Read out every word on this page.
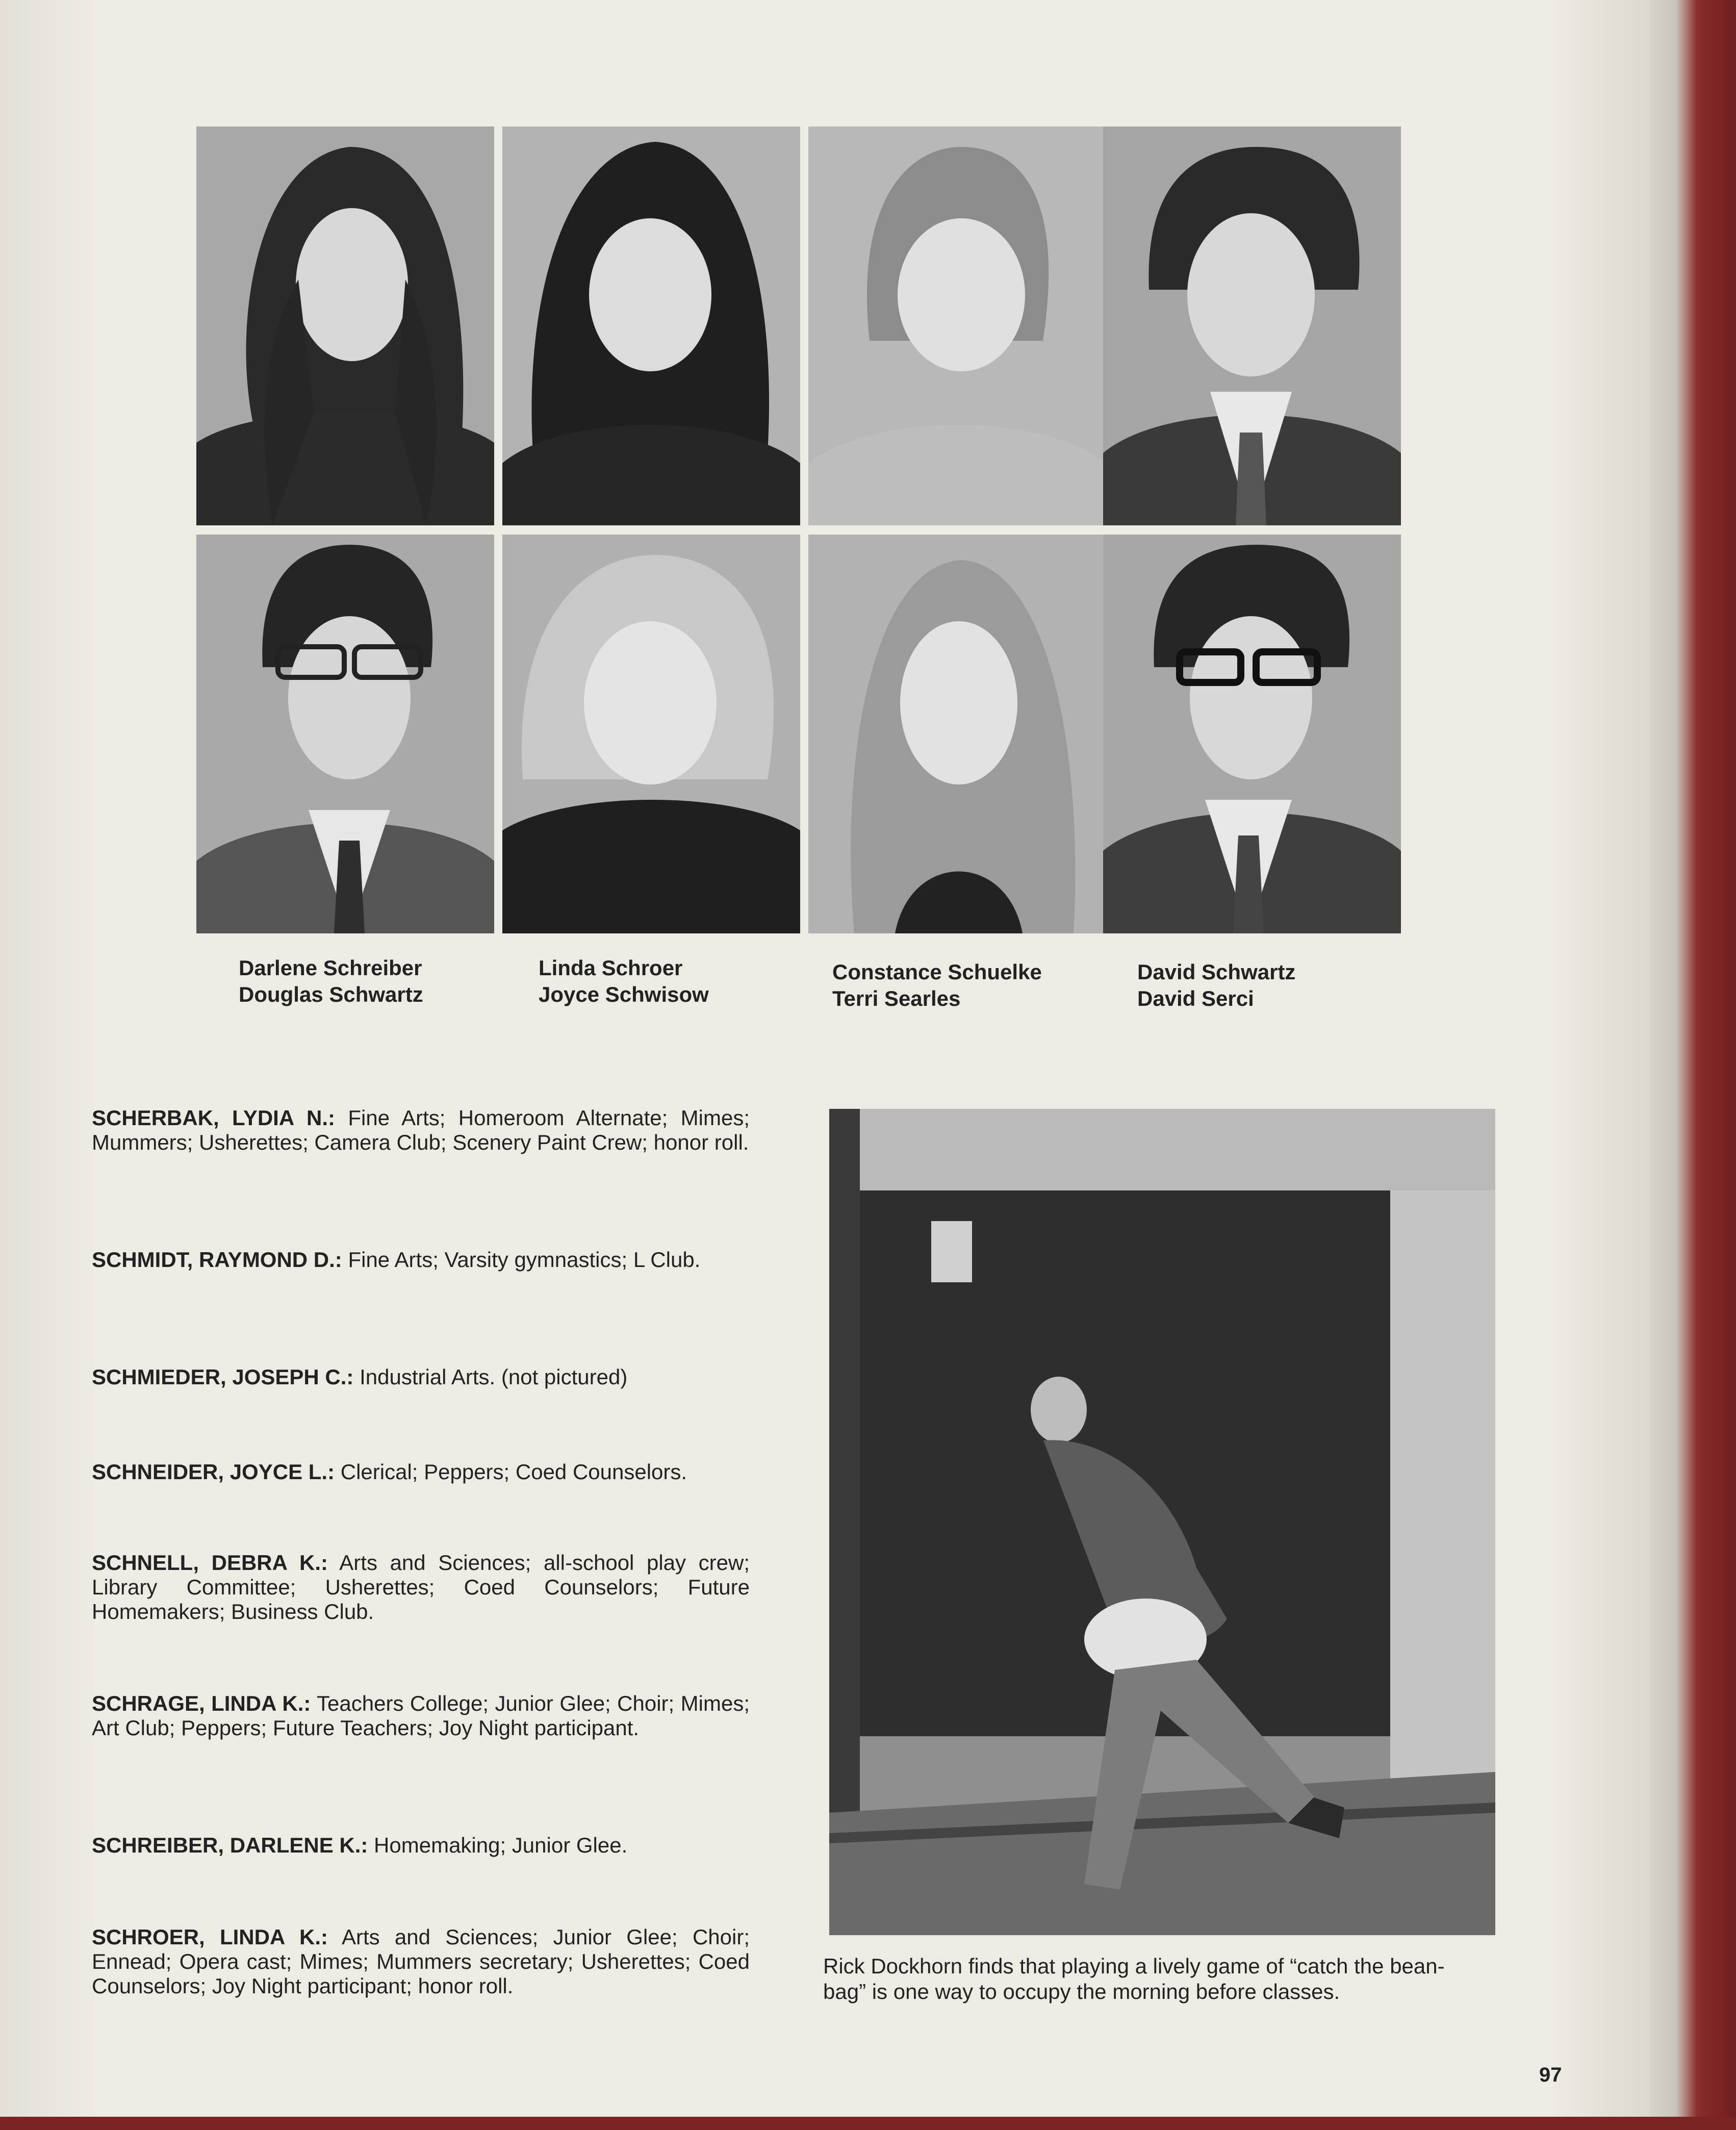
Darlene Schreiber
Douglas Schwartz
Linda Schroer
Joyce Schwisow
Constance Schuelke
Terri Searles
David Schwartz
David Serci
SCHERBAK, LYDIA N.: Fine Arts; Homeroom Alternate; Mimes; Mummers; Usherettes; Camera Club; Scenery Paint Crew; honor roll.
SCHMIDT, RAYMOND D.: Fine Arts; Varsity gymnastics; L Club.
SCHMIEDER, JOSEPH C.: Industrial Arts. (not pictured)
SCHNEIDER, JOYCE L.: Clerical; Peppers; Coed Counselors.
SCHNELL, DEBRA K.: Arts and Sciences; all-school play crew; Library Committee; Usherettes; Coed Counselors; Future Homemakers; Business Club.
SCHRAGE, LINDA K.: Teachers College; Junior Glee; Choir; Mimes; Art Club; Peppers; Future Teachers; Joy Night participant.
SCHREIBER, DARLENE K.: Homemaking; Junior Glee.
SCHROER, LINDA K.: Arts and Sciences; Junior Glee; Choir; Ennead; Opera cast; Mimes; Mummers secretary; Usherettes; Coed Counselors; Joy Night participant; honor roll.
Rick Dockhorn finds that playing a lively game of “catch the bean-bag” is one way to occupy the morning before classes.
97
